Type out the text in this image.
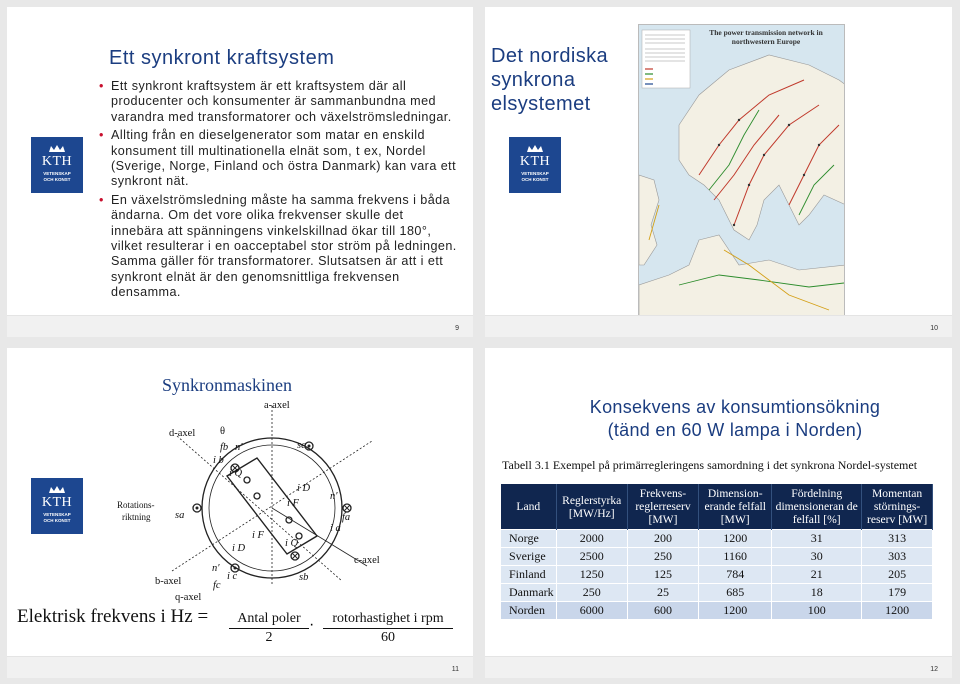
KTH
VETENSKAP
OCH KONST
Ett synkront kraftsystem
• Ett synkront kraftsystem är ett kraftsystem där all producenter och konsumenter är sammanbundna med varandra med transformatorer och växelströmsledningar.
• Allting från en dieselgenerator som matar en enskild konsument till multinationella elnät som, t ex, Nordel (Sverige, Norge, Finland och östra Danmark) kan vara ett synkront nät.
• En växelströmsledning måste ha samma frekvens i båda ändarna. Om det vore olika frekvenser skulle det innebära att spänningens vinkelskillnad ökar till 180°, vilket resulterar i en oacceptabel stor ström på ledningen. Samma gäller för transformatorer. Slutsatsen är att i ett synkront elnät är den genomsnittliga frekvensen densamma.
9
Det nordiska synkrona elsystemet
KTH
VETENSKAP
OCH KONST
The power transmission network in northwestern Europe
10
Synkronmaskinen
KTH
VETENSKAP
OCH KONST
a-axel
d-axel θ
fb n′
i b
sc
i Q
i D
i F
n′
fa
i a
Rotations-
riktning sa
i F
i D	i Q
c-axel
n′
i c
fc
sb
b-axel
q-axel
Elektrisk frekvens i Hz =	Antal poler
2
·	rotorhastighet i rpm
60
11
Konsekvens av konsumtionsökning
(tänd en 60 W lampa i Norden)
Tabell 3.1 Exempel på primärregleringens samordning i det synkrona Nordel-systemet
Land	Reglerstyrka [MW/Hz]	Frekvens-reglerreserv [MW]	Dimension-erande felfall [MW]	Fördelning dimensioneran de felfall [%]	Momentan störnings-reserv [MW]
Norge	2000	200	1200	31	313
Sverige	2500	250	1160	30	303
Finland	1250	125	784	21	205
Danmark	250	25	685	18	179
Norden	6000	600	1200	100	1200
12
